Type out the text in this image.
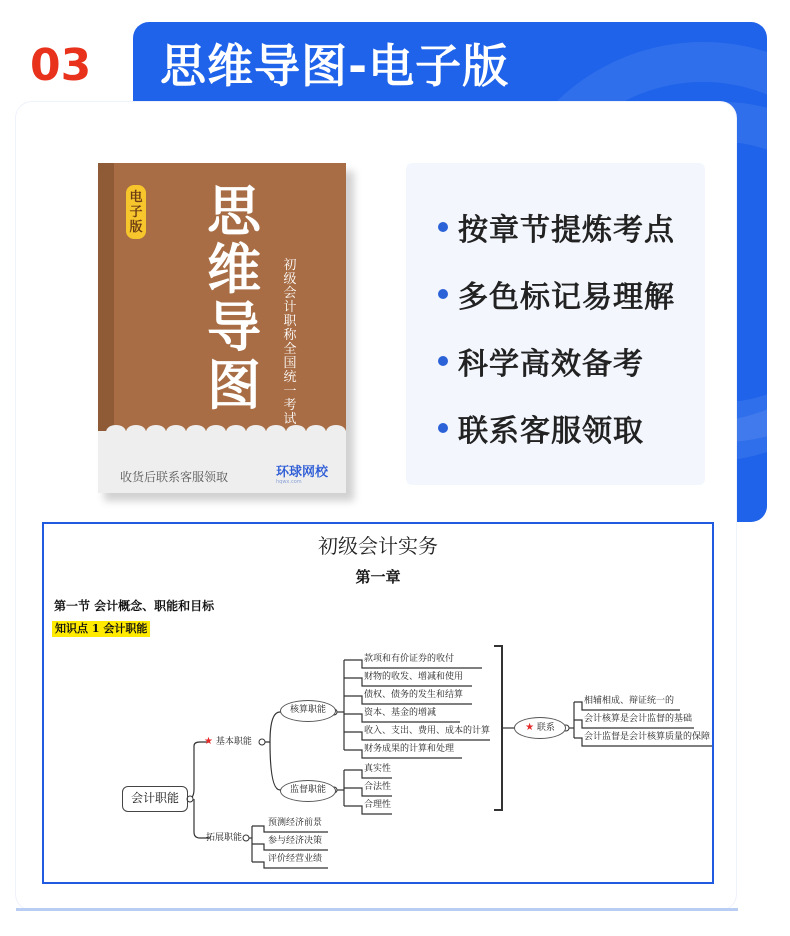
03 思维导图-电子版
电子版 思维导图
初级会计职称全国统一考试
收货后联系客服领取	环球网校
hqwx.com
按章节提炼考点
多色标记易理解
科学高效备考
联系客服领取
初级会计实务
第一章
第一节 会计概念、职能和目标
知识点 1 会计职能
会计职能
★ 基本职能
拓展职能
核算职能
监督职能
款项和有价证券的收付
财物的收发、增减和使用
债权、债务的发生和结算
资本、基金的增减
收入、支出、费用、成本的计算
财务成果的计算和处理
真实性
合法性
合理性
预测经济前景
参与经济决策
评价经营业绩
★ 联系
相辅相成、辩证统一的
会计核算是会计监督的基础
会计监督是会计核算质量的保障
